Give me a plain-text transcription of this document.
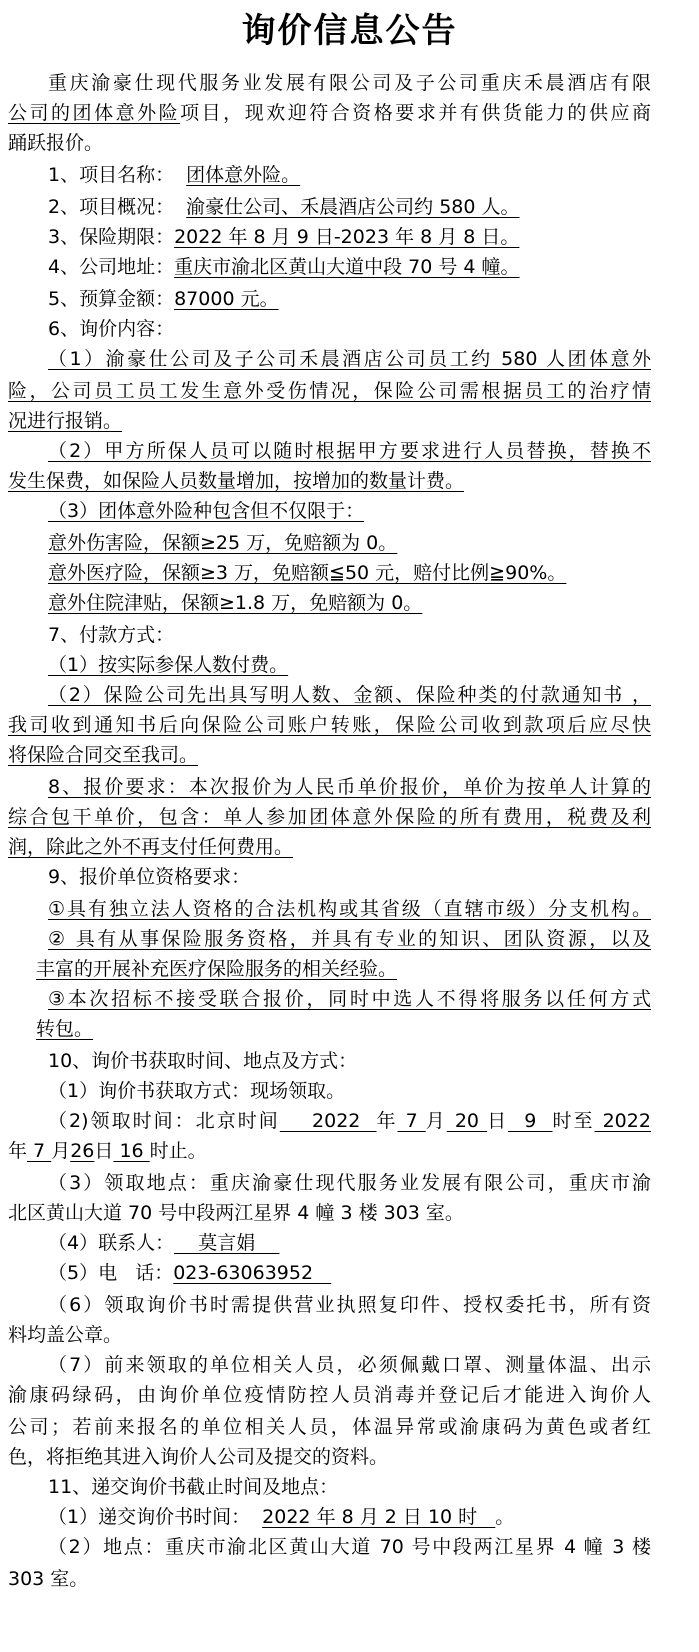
询价信息公告
重庆渝豪仕现代服务业发展有限公司及子公司重庆禾晨酒店有限
公司的团体意外险项目，现欢迎符合资格要求并有供货能力的供应商
踊跃报价。
1、项目名称：  团体意外险。
2、项目概况：  渝豪仕公司、禾晨酒店公司约 580 人。
3、保险期限：2022 年 8 月 9 日-2023 年 8 月 8 日。
4、公司地址：重庆市渝北区黄山大道中段 70 号 4 幢。
5、预算金额：87000 元。
6、询价内容：
（1）渝豪仕公司及子公司禾晨酒店公司员工约 580 人团体意外
险，公司员工员工发生意外受伤情况，保险公司需根据员工的治疗情
况进行报销。
（2）甲方所保人员可以随时根据甲方要求进行人员替换，替换不
发生保费，如保险人员数量增加，按增加的数量计费。
（3）团体意外险种包含但不仅限于：
意外伤害险，保额≥25 万，免赔额为 0。
意外医疗险，保额≥3 万，免赔额≦50 元，赔付比例≧90%。
意外住院津贴，保额≥1.8 万，免赔额为 0。
7、付款方式：
（1）按实际参保人数付费。
（2）保险公司先出具写明人数、金额、保险种类的付款通知书 ，
我司收到通知书后向保险公司账户转账，保险公司收到款项后应尽快
将保险合同交至我司。
8、报价要求：本次报价为人民币单价报价，单价为按单人计算的
综合包干单价，包含：单人参加团体意外保险的所有费用，税费及利
润，除此之外不再支付任何费用。
9、报价单位资格要求：
①具有独立法人资格的合法机构或其省级（直辖市级）分支机构。
② 具有从事保险服务资格，并具有专业的知识、团队资源，以及
丰富的开展补充医疗保险服务的相关经验。
③本次招标不接受联合报价，同时中选人不得将服务以任何方式
转包。
10、询价书获取时间、地点及方式：
（1）询价书获取方式：现场领取。
（2)领取时间：北京时间    2022  年 7 月 20 日  9  时至 2022
年 7 月26日 16 时止。
（3）领取地点：重庆渝豪仕现代服务业发展有限公司，重庆市渝
北区黄山大道 70 号中段两江星界 4 幢 3 楼 303 室。
（4）联系人：    莫言娟
（5）电   话：023-63063952
（6）领取询价书时需提供营业执照复印件、授权委托书，所有资
料均盖公章。
（7）前来领取的单位相关人员，必须佩戴口罩、测量体温、出示
渝康码绿码，由询价单位疫情防控人员消毒并登记后才能进入询价人
公司；若前来报名的单位相关人员，体温异常或渝康码为黄色或者红
色，将拒绝其进入询价人公司及提交的资料。
11、递交询价书截止时间及地点：
（1）递交询价书时间：  2022 年 8 月 2 日 10 时   。
（2）地点：重庆市渝北区黄山大道 70 号中段两江星界 4 幢 3 楼
303 室。
